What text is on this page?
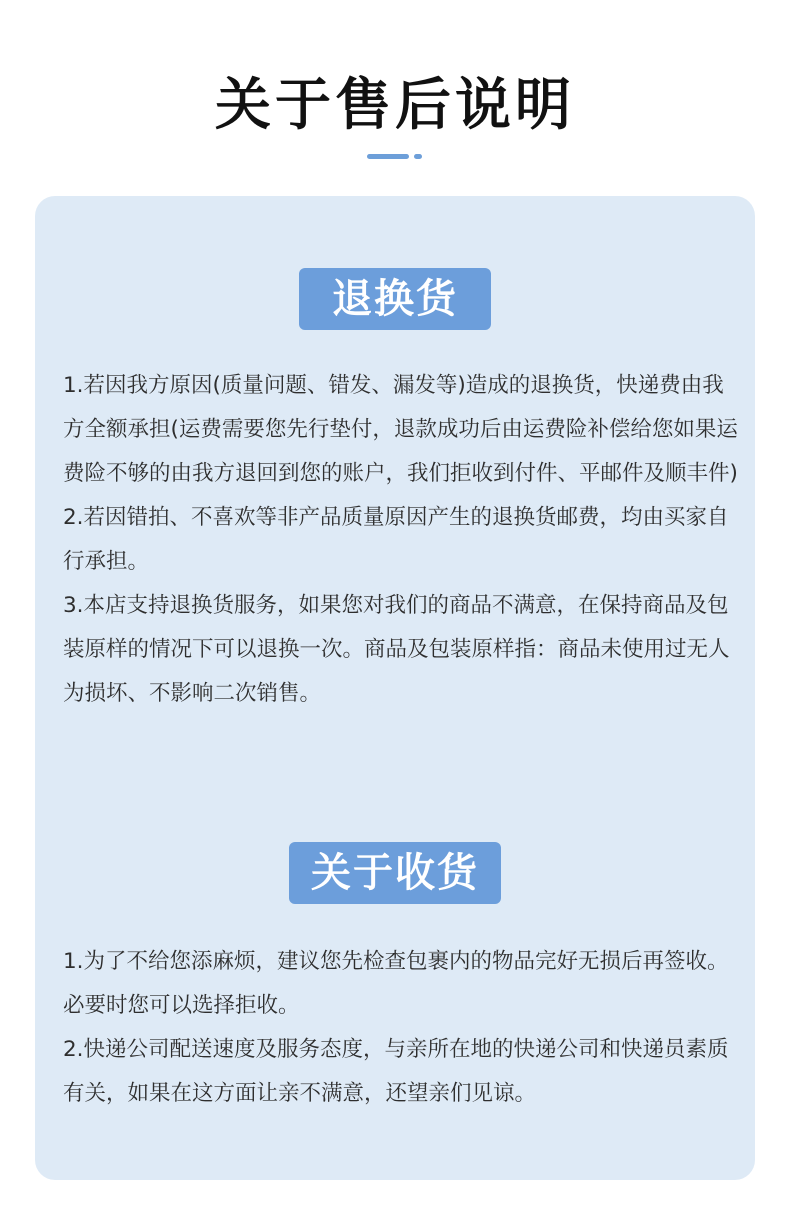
关于售后说明
退换货

1.若因我方原因(质量问题、错发、漏发等)造成的退换货，快递费由我方全额承担(运费需要您先行垫付，退款成功后由运费险补偿给您如果运费险不够的由我方退回到您的账户，我们拒收到付件、平邮件及顺丰件)

2.若因错拍、不喜欢等非产品质量原因产生的退换货邮费，均由买家自行承担。

3.本店支持退换货服务，如果您对我们的商品不满意，在保持商品及包装原样的情况下可以退换一次。商品及包装原样指：商品未使用过无人为损坏、不影响二次销售。

关于收货

1.为了不给您添麻烦，建议您先检查包裹内的物品完好无损后再签收。必要时您可以选择拒收。

2.快递公司配送速度及服务态度，与亲所在地的快递公司和快递员素质有关，如果在这方面让亲不满意，还望亲们见谅。
